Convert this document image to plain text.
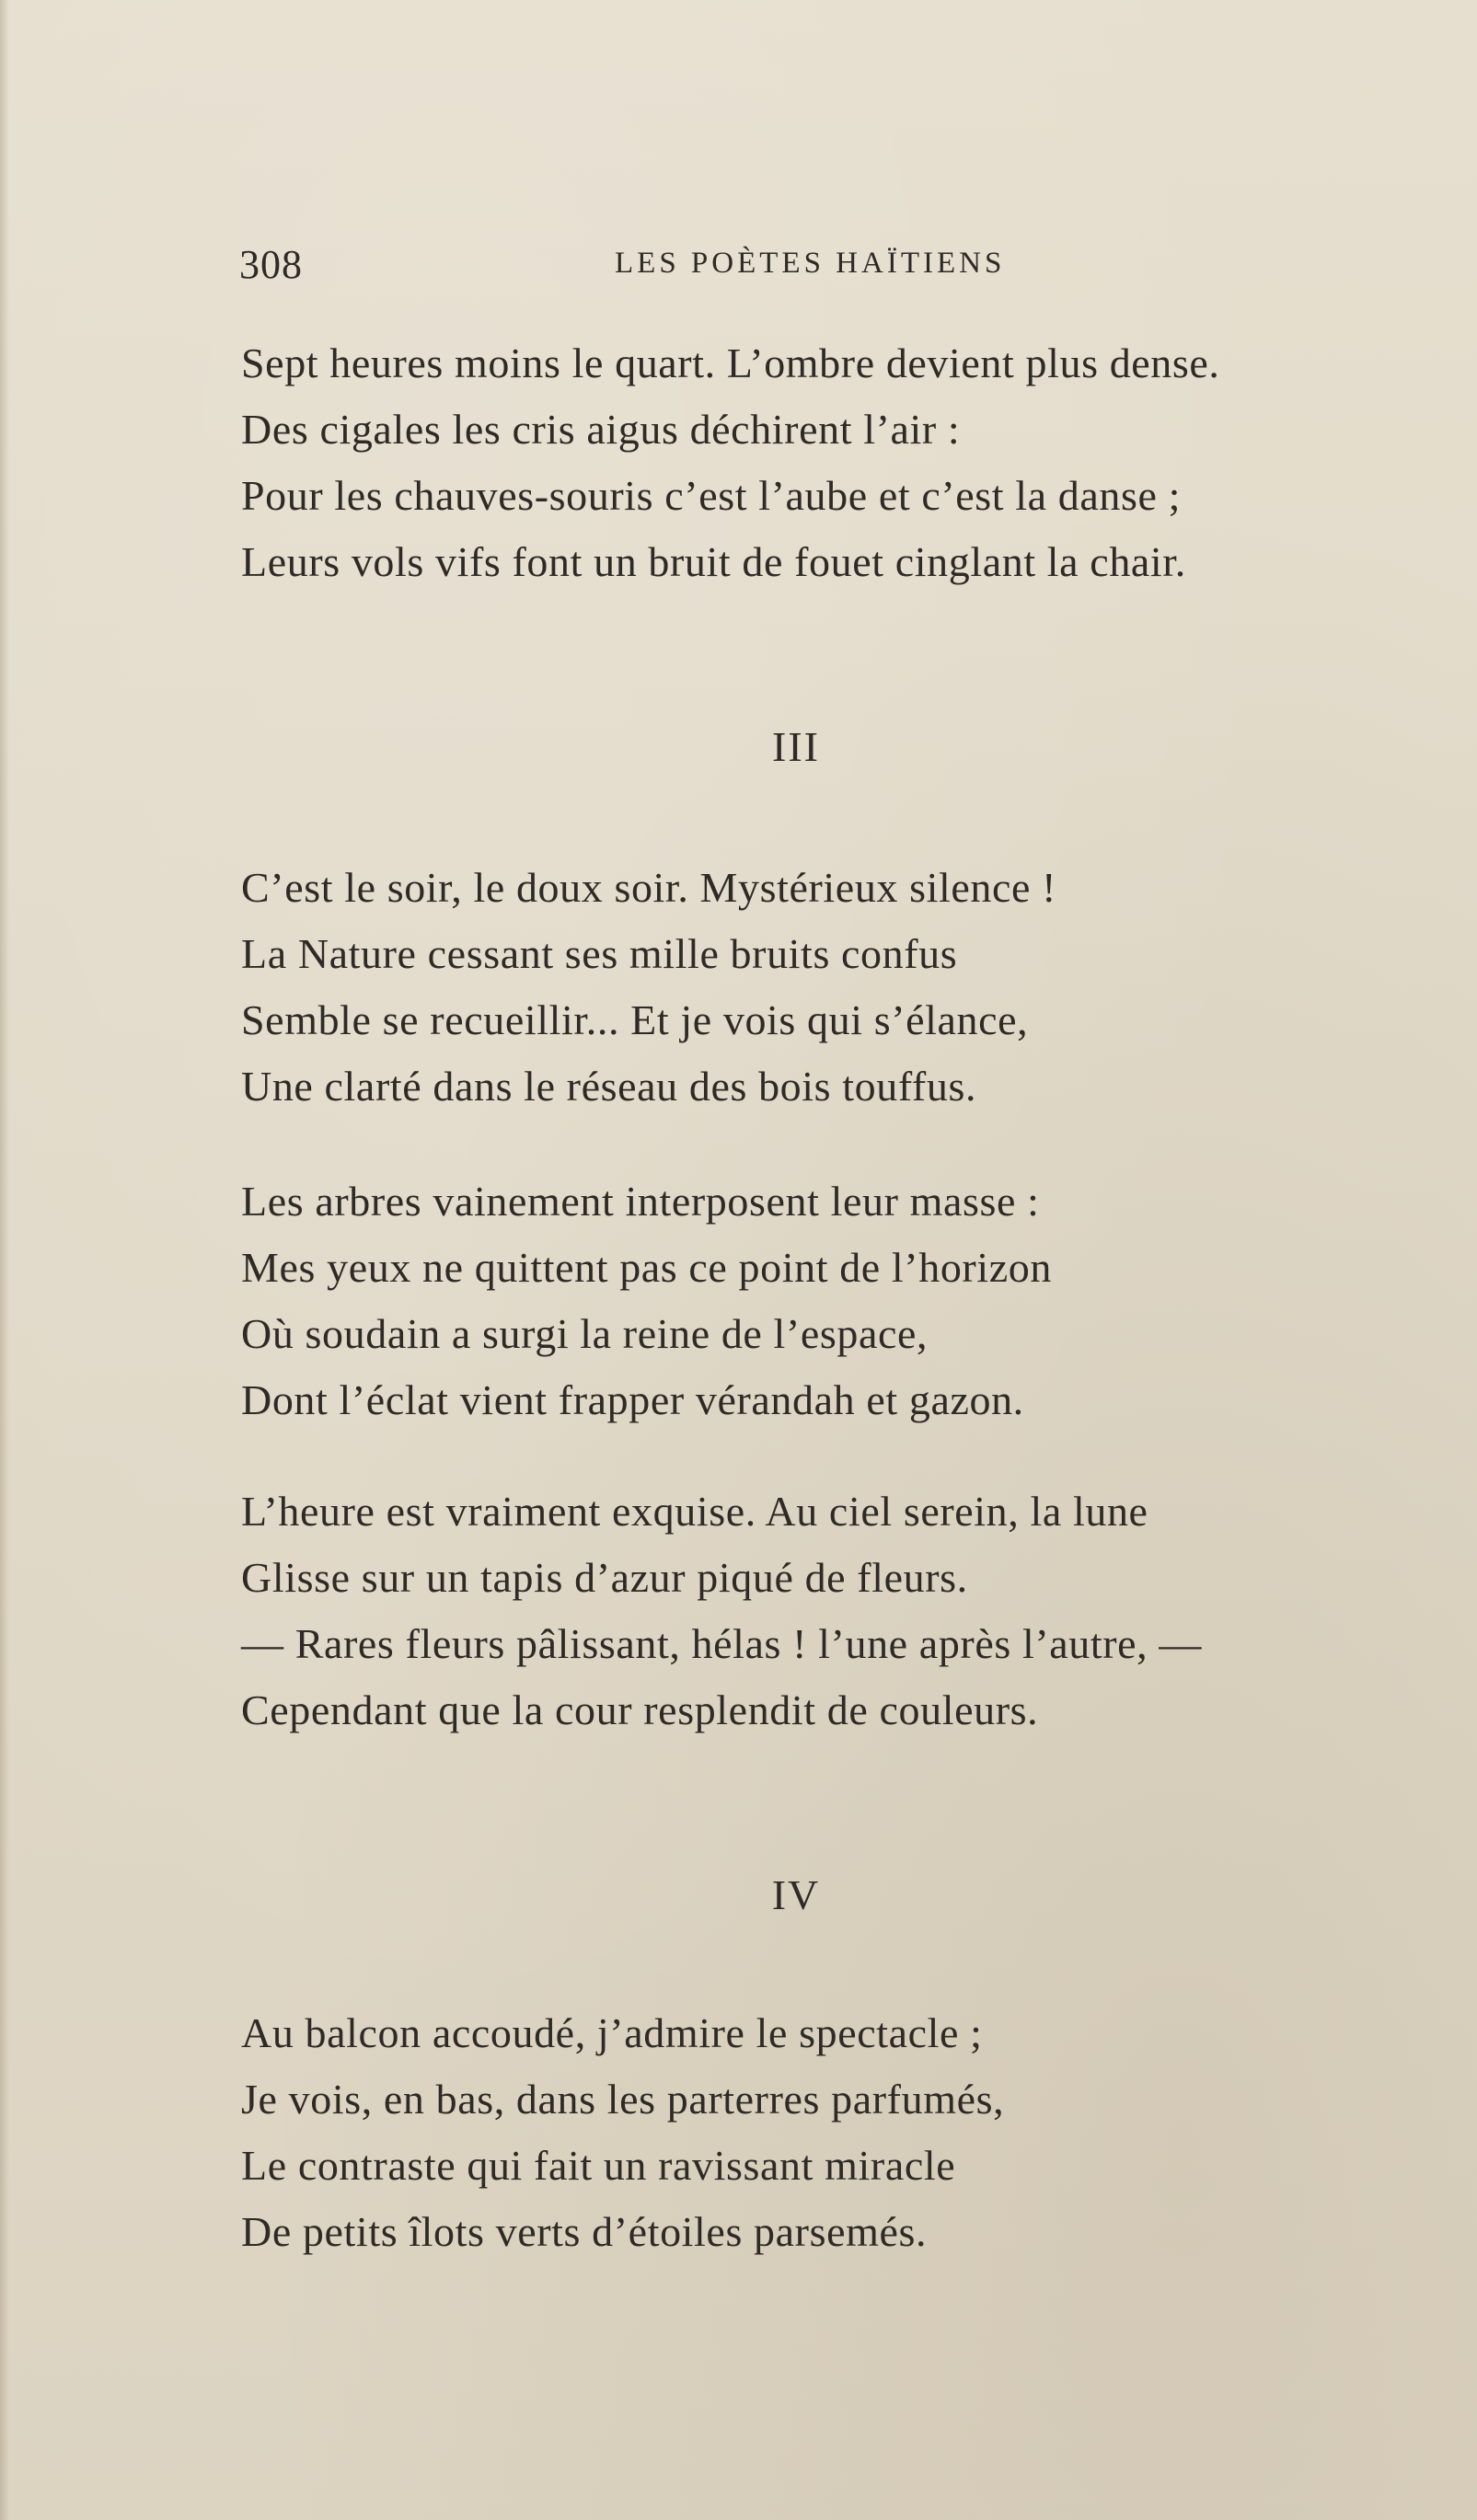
308	LES POÈTES HAÏTIENS
Sept heures moins le quart. L’ombre devient plus dense.
Des cigales les cris aigus déchirent l’air :
Pour les chauves-souris c’est l’aube et c’est la danse ;
Leurs vols vifs font un bruit de fouet cinglant la chair.
III
C’est le soir, le doux soir. Mystérieux silence !
La Nature cessant ses mille bruits confus
Semble se recueillir... Et je vois qui s’élance,
Une clarté dans le réseau des bois touffus.
Les arbres vainement interposent leur masse :
Mes yeux ne quittent pas ce point de l’horizon
Où soudain a surgi la reine de l’espace,
Dont l’éclat vient frapper vérandah et gazon.
L’heure est vraiment exquise. Au ciel serein, la lune
Glisse sur un tapis d’azur piqué de fleurs.
— Rares fleurs pâlissant, hélas ! l’une après l’autre, —
Cependant que la cour resplendit de couleurs.
IV
Au balcon accoudé, j’admire le spectacle ;
Je vois, en bas, dans les parterres parfumés,
Le contraste qui fait un ravissant miracle
De petits îlots verts d’étoiles parsemés.
